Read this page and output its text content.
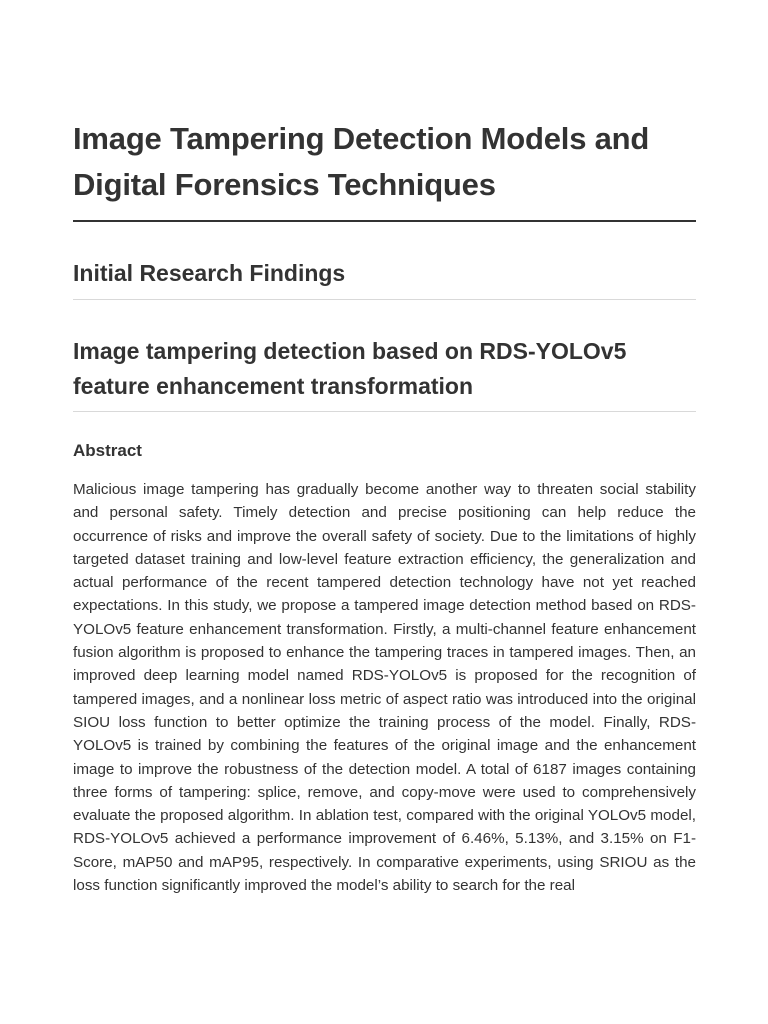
Image Tampering Detection Models and Digital Forensics Techniques
Initial Research Findings
Image tampering detection based on RDS-YOLOv5 feature enhancement transformation
Abstract

Malicious image tampering has gradually become another way to threaten social stability and personal safety. Timely detection and precise positioning can help reduce the occurrence of risks and improve the overall safety of society. Due to the limitations of highly targeted dataset training and low-level feature extraction efficiency, the generalization and actual performance of the recent tampered detection technology have not yet reached expectations. In this study, we propose a tampered image detection method based on RDS-YOLOv5 feature enhancement transformation. Firstly, a multi-channel feature enhancement fusion algorithm is proposed to enhance the tampering traces in tampered images. Then, an improved deep learning model named RDS-YOLOv5 is proposed for the recognition of tampered images, and a nonlinear loss metric of aspect ratio was introduced into the original SIOU loss function to better optimize the training process of the model. Finally, RDS-YOLOv5 is trained by combining the features of the original image and the enhancement image to improve the robustness of the detection model. A total of 6187 images containing three forms of tampering: splice, remove, and copy-move were used to comprehensively evaluate the proposed algorithm. In ablation test, compared with the original YOLOv5 model, RDS-YOLOv5 achieved a performance improvement of 6.46%, 5.13%, and 3.15% on F1-Score, mAP50 and mAP95, respectively. In comparative experiments, using SRIOU as the loss function significantly improved the model’s ability to search for the real
